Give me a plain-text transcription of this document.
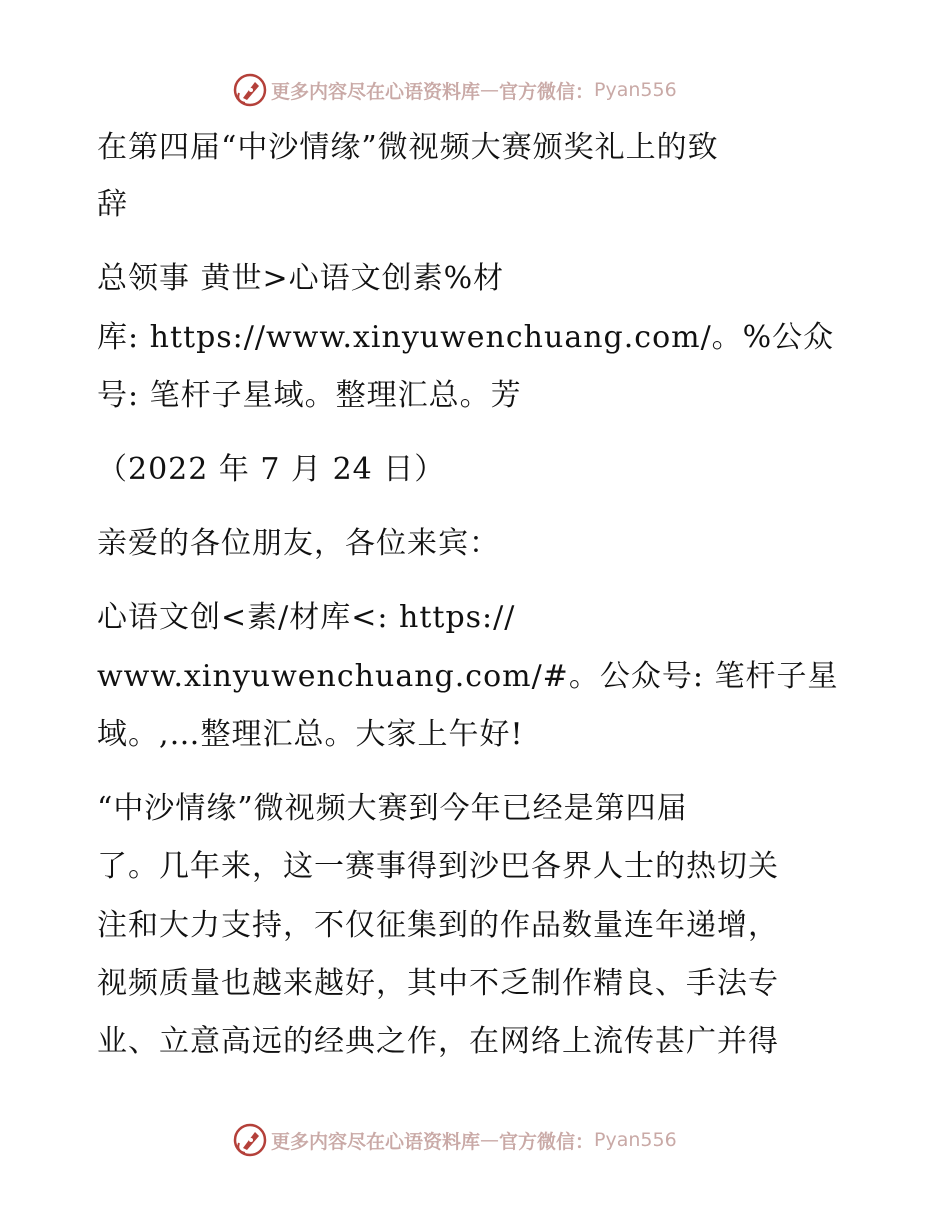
更多内容尽在心语资料库 — 官方微信： Pyan556
在第四届“中沙情缘”微视频大赛颁奖礼上的致
辞
总领事 黄世>心语文创素%材
库: https://www.xinyuwenchuang.com/。%公众
号: 笔杆子星域。整理汇总。芳
（2022 年 7 月 24 日）
亲爱的各位朋友，各位来宾：
心语文创<素/材库<: https://
www.xinyuwenchuang.com/#。公众号: 笔杆子星
域。,…整理汇总。大家上午好!
“中沙情缘”微视频大赛到今年已经是第四届
了。几年来，这一赛事得到沙巴各界人士的热切关
注和大力支持，不仅征集到的作品数量连年递增，
视频质量也越来越好，其中不乏制作精良、手法专
业、立意高远的经典之作，在网络上流传甚广并得
更多内容尽在心语资料库 — 官方微信： Pyan556
